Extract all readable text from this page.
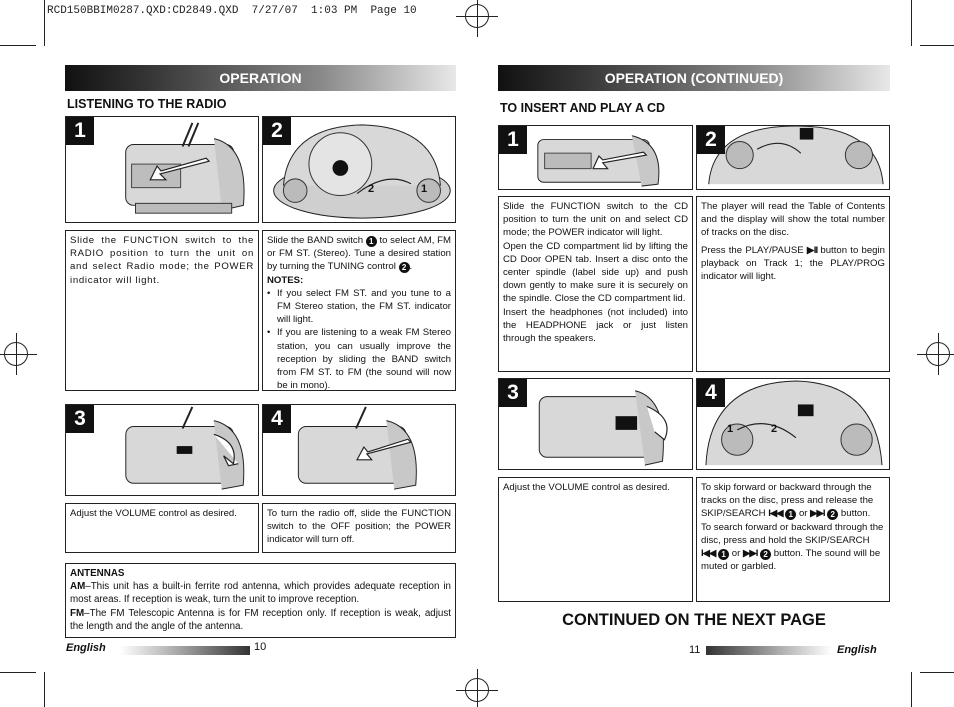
RCD150BBIM0287.QXD:CD2849.QXD  7/27/07  1:03 PM  Page 10
OPERATION
LISTENING TO THE RADIO
1	2
2	1
Slide the FUNCTION switch to the RADIO position to turn the unit on and select Radio mode; the POWER indicator will light.
Slide the BAND switch 1 to select AM, FM or FM ST. (Stereo). Tune a desired station by turning the TUNING control 2 .
NOTES:
• If you select FM ST. and you tune to a FM Stereo station, the FM ST. indicator will light.
• If you are listening to a weak FM Stereo station, you can usually improve the reception by sliding the BAND switch from FM ST. to FM (the sound will now be in mono).
3	4
Adjust the VOLUME control as desired.	To turn the radio off, slide the FUNCTION switch to the OFF position; the POWER indicator will turn off.
ANTENNAS
AM–This unit has a built-in ferrite rod antenna, which provides adequate reception in most areas. If reception is weak, turn the unit to improve reception.
FM–The FM Telescopic Antenna is for FM reception only. If reception is weak, adjust the length and the angle of the antenna.
English	10
OPERATION (CONTINUED)
TO INSERT AND PLAY A CD
1	2
Slide the FUNCTION switch to the CD position to turn the unit on and select CD mode; the POWER indicator will light.
Open the CD compartment lid by lifting the CD Door OPEN tab. Insert a disc onto the center spindle (label side up) and push down gently to make sure it is securely on the spindle. Close the CD compartment lid.
Insert the headphones (not included) into the HEADPHONE jack or just listen through the speakers.
The player will read the Table of Contents and the display will show the total number of tracks on the disc.
Press the PLAY/PAUSE ▶II button to begin playback on Track 1; the PLAY/PROG indicator will light.
3	4
1	2
Adjust the VOLUME control as desired.	To skip forward or backward through the tracks on the disc, press and release the SKIP/SEARCH I◀◀ 1 or ▶▶I 2 button.
To search forward or backward through the disc, press and hold the SKIP/SEARCH I◀◀ 1 or ▶▶I 2 button. The sound will be muted or garbled.
CONTINUED ON THE NEXT PAGE
11	English
